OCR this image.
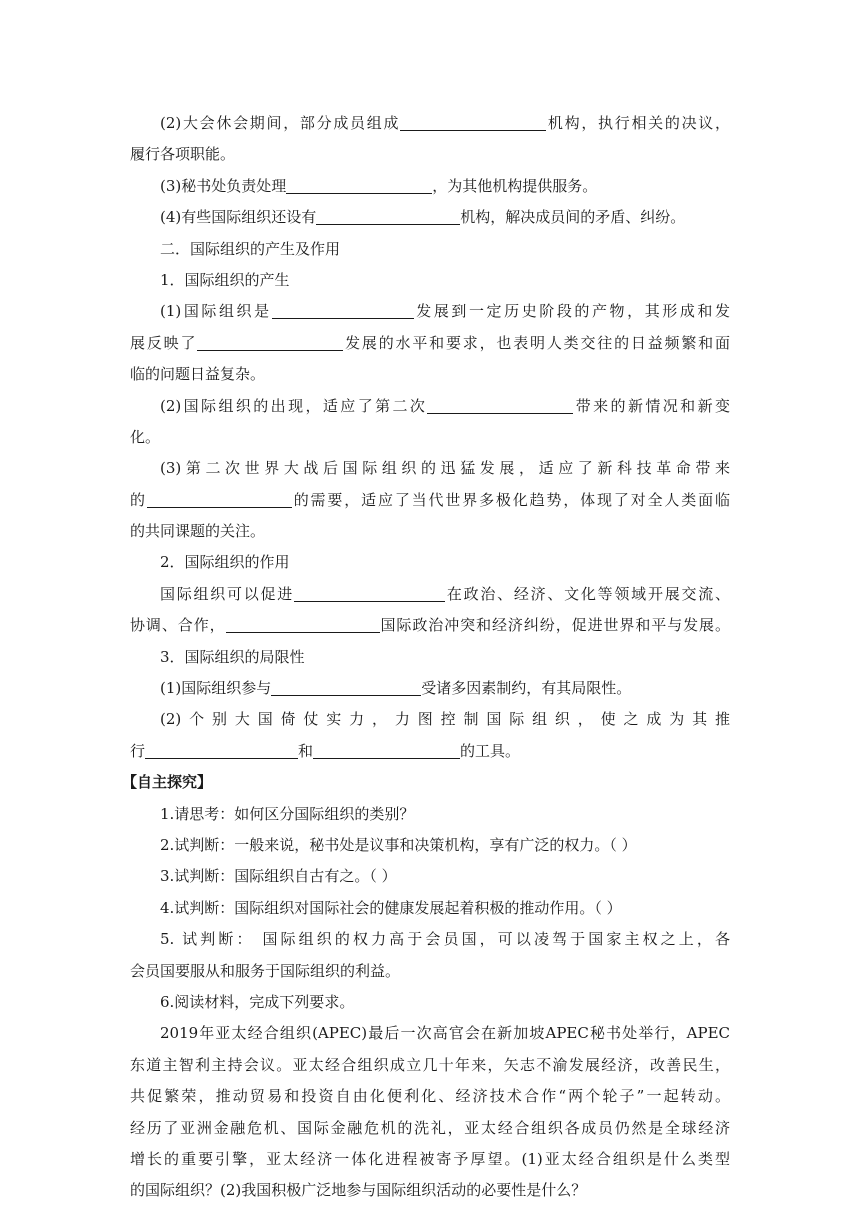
(2)大会休会期间，部分成员组成	机构，执行相关的决议，
履行各项职能。
(3)秘书处负责处理	，为其他机构提供服务。
(4)有些国际组织还设有	机构，解决成员间的矛盾、纠纷。
二．国际组织的产生及作用
1．国际组织的产生
(1)国际组织是	发展到一定历史阶段的产物，其形成和发
展反映了	发展的水平和要求，也表明人类交往的日益频繁和面
临的问题日益复杂。
(2)国际组织的出现，适应了第二次	带来的新情况和新变
化。
(3)第二次世界大战后国际组织的迅猛发展，适应了新科技革命带来
的	的需要，适应了当代世界多极化趋势，体现了对全人类面临
的共同课题的关注。
2．国际组织的作用
国际组织可以促进	在政治、经济、文化等领域开展交流、
协调、合作，	国际政治冲突和经济纠纷，促进世界和平与发展。
3．国际组织的局限性
(1)国际组织参与	受诸多因素制约，有其局限性。
(2)个别大国倚仗实力，力图控制国际组织，使之成为其推
行	和	的工具。
【自主探究】
1.请思考：如何区分国际组织的类别？
2.试判断：一般来说，秘书处是议事和决策机构，享有广泛的权力。（ ）
3.试判断：国际组织自古有之。（ ）
4.试判断：国际组织对国际社会的健康发展起着积极的推动作用。（ ）
5. 试判断： 国际组织的权力高于会员国，可以凌驾于国家主权之上，各
会员国要服从和服务于国际组织的利益。
6.阅读材料，完成下列要求。
2019年亚太经合组织(APEC)最后一次高官会在新加坡APEC秘书处举行，APEC
东道主智利主持会议。亚太经合组织成立几十年来，矢志不渝发展经济，改善民生，
共促繁荣，推动贸易和投资自由化便利化、经济技术合作“两个轮子”一起转动。
经历了亚洲金融危机、国际金融危机的洗礼，亚太经合组织各成员仍然是全球经济
增长的重要引擎，亚太经济一体化进程被寄予厚望。(1)亚太经合组织是什么类型
的国际组织？(2)我国积极广泛地参与国际组织活动的必要性是什么？
